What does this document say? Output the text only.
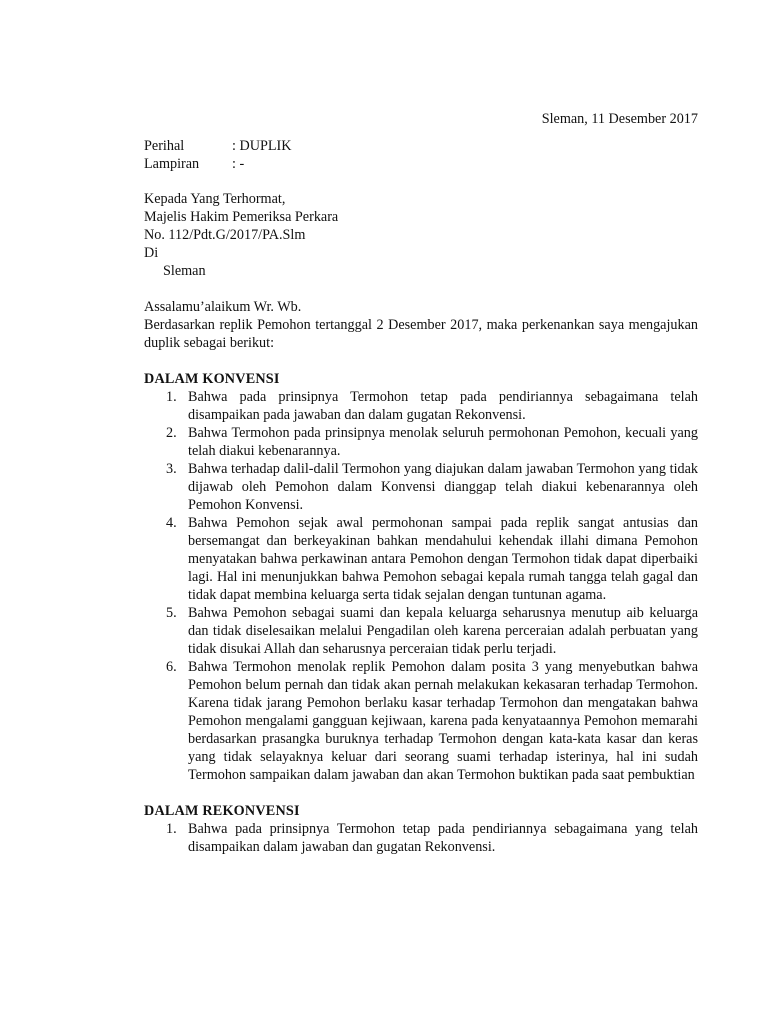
Sleman, 11 Desember 2017

Perihal	: DUPLIK
Lampiran	: -
Kepada Yang Terhormat,
Majelis Hakim Pemeriksa Perkara
No. 112/Pdt.G/2017/PA.Slm
Di
Sleman
Assalamu’alaikum Wr. Wb.

Berdasarkan replik Pemohon tertanggal 2 Desember 2017, maka perkenankan saya mengajukan duplik sebagai berikut:

DALAM KONVENSI
1. Bahwa pada prinsipnya Termohon tetap pada pendiriannya sebagaimana telah disampaikan pada jawaban dan dalam gugatan Rekonvensi.
2. Bahwa Termohon pada prinsipnya menolak seluruh permohonan Pemohon, kecuali yang telah diakui kebenarannya.
3. Bahwa terhadap dalil-dalil Termohon yang diajukan dalam jawaban Termohon yang tidak dijawab oleh Pemohon dalam Konvensi dianggap telah diakui kebenarannya oleh Pemohon Konvensi.
4. Bahwa Pemohon sejak awal permohonan sampai pada replik sangat antusias dan bersemangat dan berkeyakinan bahkan mendahului kehendak illahi dimana Pemohon menyatakan bahwa perkawinan antara Pemohon dengan Termohon tidak dapat diperbaiki lagi. Hal ini menunjukkan bahwa Pemohon sebagai kepala rumah tangga telah gagal dan tidak dapat membina keluarga serta tidak sejalan dengan tuntunan agama.
5. Bahwa Pemohon sebagai suami dan kepala keluarga seharusnya menutup aib keluarga dan tidak diselesaikan melalui Pengadilan oleh karena perceraian adalah perbuatan yang tidak disukai Allah dan seharusnya perceraian tidak perlu terjadi.
6. Bahwa Termohon menolak replik Pemohon dalam posita 3 yang menyebutkan bahwa Pemohon belum pernah dan tidak akan pernah melakukan kekasaran terhadap Termohon. Karena tidak jarang Pemohon berlaku kasar terhadap Termohon dan mengatakan bahwa Pemohon mengalami gangguan kejiwaan, karena pada kenyataannya Pemohon memarahi berdasarkan prasangka buruknya terhadap Termohon dengan kata-kata kasar dan keras yang tidak selayaknya keluar dari seorang suami terhadap isterinya, hal ini sudah Termohon sampaikan dalam jawaban dan akan Termohon buktikan pada saat pembuktian
DALAM REKONVENSI
1. Bahwa pada prinsipnya Termohon tetap pada pendiriannya sebagaimana yang telah disampaikan dalam jawaban dan gugatan Rekonvensi.
